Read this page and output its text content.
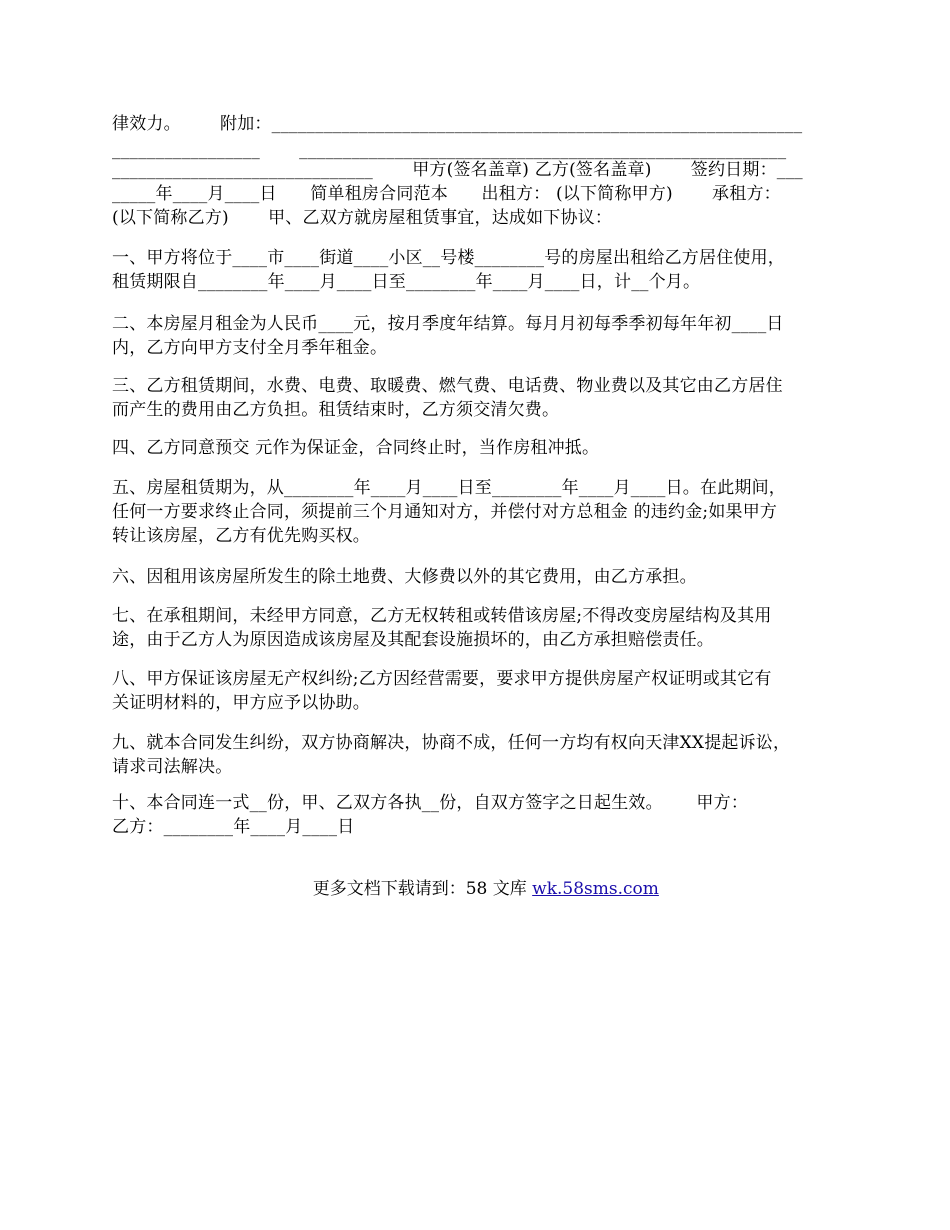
律效力。       附加：_____________________________________________________________
_________________       ________________________________________________________
______________________________       甲方(签名盖章) 乙方(签名盖章)       签约日期：___
_____年____月____日      简单租房合同范本      出租方： (以下简称甲方)       承租方：
(以下简称乙方)       甲、乙双方就房屋租赁事宜，达成如下协议：
一、甲方将位于____市____街道____小区__号楼________号的房屋出租给乙方居住使用，
租赁期限自________年____月____日至________年____月____日，计__个月。
二、本房屋月租金为人民币____元，按月季度年结算。每月月初每季季初每年年初____日
内，乙方向甲方支付全月季年租金。
三、乙方租赁期间，水费、电费、取暖费、燃气费、电话费、物业费以及其它由乙方居住
而产生的费用由乙方负担。租赁结束时，乙方须交清欠费。
四、乙方同意预交 元作为保证金，合同终止时，当作房租冲抵。
五、房屋租赁期为，从________年____月____日至________年____月____日。在此期间，
任何一方要求终止合同，须提前三个月通知对方，并偿付对方总租金 的违约金;如果甲方
转让该房屋，乙方有优先购买权。
六、因租用该房屋所发生的除土地费、大修费以外的其它费用，由乙方承担。
七、在承租期间，未经甲方同意，乙方无权转租或转借该房屋;不得改变房屋结构及其用
途，由于乙方人为原因造成该房屋及其配套设施损坏的，由乙方承担赔偿责任。
八、甲方保证该房屋无产权纠纷;乙方因经营需要，要求甲方提供房屋产权证明或其它有
关证明材料的，甲方应予以协助。
九、就本合同发生纠纷，双方协商解决，协商不成，任何一方均有权向天津XX提起诉讼，
请求司法解决。
十、本合同连一式__份，甲、乙双方各执__份，自双方签字之日起生效。      甲方：
乙方：________年____月____日

更多文档下载请到：58 文库 wk.58sms.com
